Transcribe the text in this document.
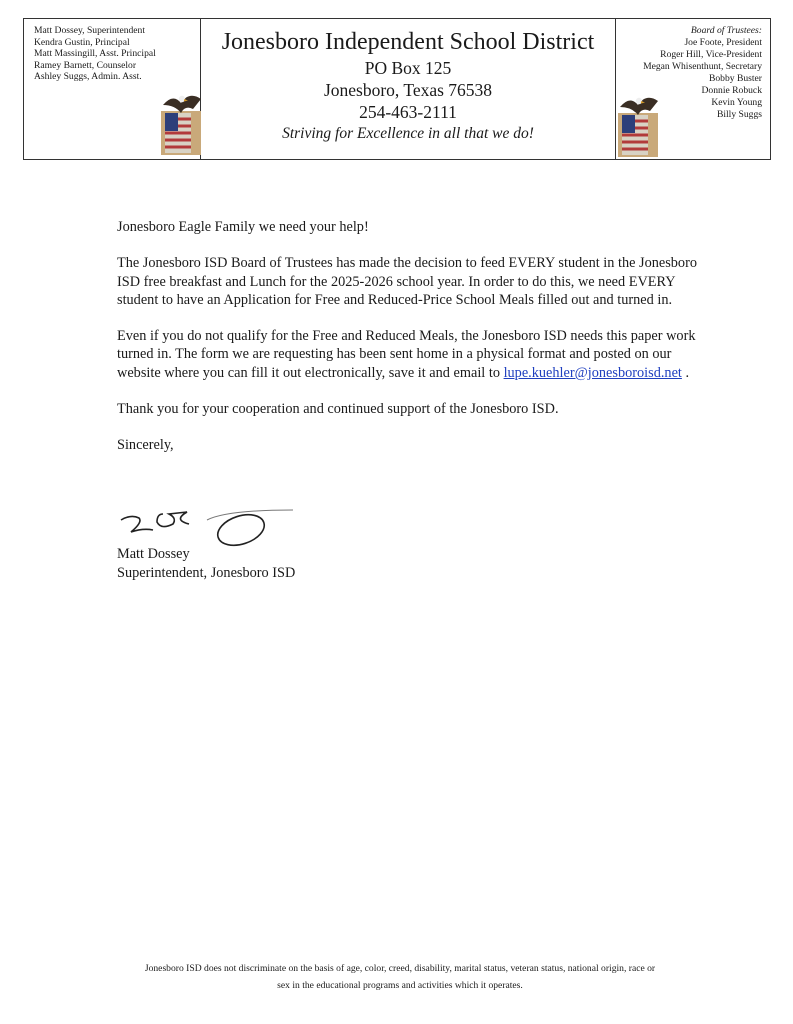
Matt Dossey, Superintendent
Kendra Gustin, Principal
Matt Massingill, Asst. Principal
Ramey Barnett, Counselor
Ashley Suggs, Admin. Asst.
Jonesboro Independent School District
PO Box 125
Jonesboro, Texas 76538
254-463-2111
Striving for Excellence in all that we do!
Board of Trustees:
Joe Foote, President
Roger Hill, Vice-President
Megan Whisenthunt, Secretary
Bobby Buster
Donnie Robuck
Kevin Young
Billy Suggs

Jonesboro Eagle Family we need your help!

The Jonesboro ISD Board of Trustees has made the decision to feed EVERY student in the Jonesboro ISD free breakfast and Lunch for the 2025-2026 school year. In order to do this, we need EVERY student to have an Application for Free and Reduced-Price School Meals filled out and turned in.

Even if you do not qualify for the Free and Reduced Meals, the Jonesboro ISD needs this paper work turned in. The form we are requesting has been sent home in a physical format and posted on our website where you can fill it out electronically, save it and email to lupe.kuehler@jonesboroisd.net .

Thank you for your cooperation and continued support of the Jonesboro ISD.

Sincerely,

Matt Dossey
Superintendent, Jonesboro ISD
Jonesboro ISD does not discriminate on the basis of age, color, creed, disability, marital status, veteran status, national origin, race or
sex in the educational programs and activities which it operates.
